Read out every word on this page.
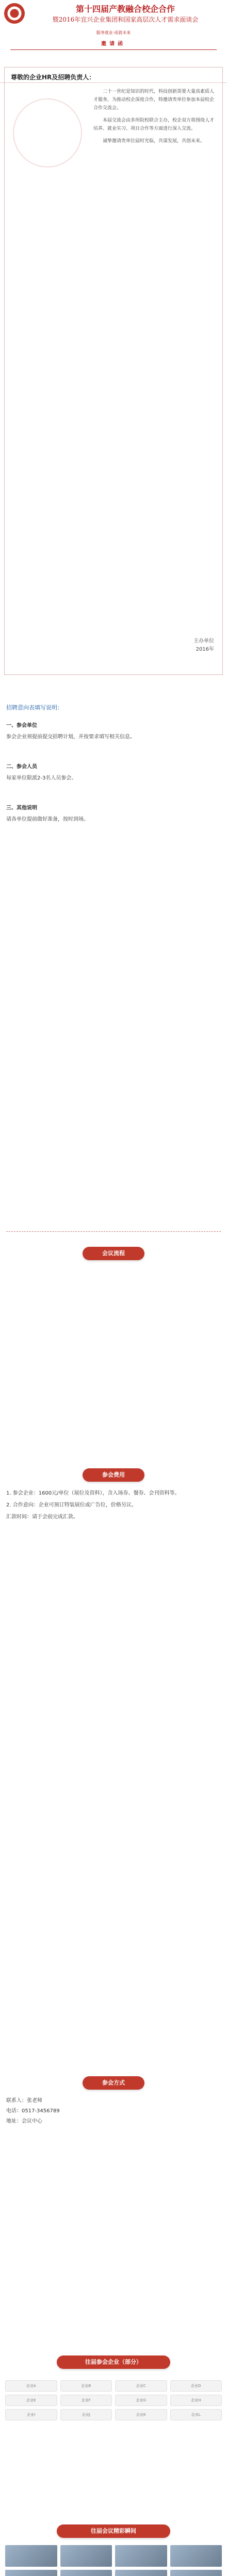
第十四届产教融合校企合作
暨2016年宜兴企业集团和国家高层次人才需求面谈会
服务就业·成就未来
邀请函
尊敬的企业HR及招聘负责人：

二十一世纪是知识的时代，科技创新需要大量高素质人才服务，为推动校企深度合作，特邀请贵单位参加本届校企合作交流会。

本届交流会由多所院校联合主办，校企双方将围绕人才培养、就业实习、项目合作等方面进行深入交流。

诚挚邀请贵单位届时光临，共谋发展，共创未来。

主办单位
2016年
招聘意向表填写说明：
一、参会单位

参会企业须提前提交招聘计划，并按要求填写相关信息。

二、参会人员

每家单位限派2-3名人员参会。

三、其他说明

请各单位提前做好准备，按时到场。

会议流程
参会费用

1. 参会企业：1600元/单位（展位及资料），含入场券、餐券、会刊资料等。

2. 合作意向：企业可预订特装展位或广告位，价格另议。

汇款时间：请于会前完成汇款。

参会方式

联系人：张老师

电话：0517-3456789

地址：会议中心

往届参会企业（部分）
企业A	企业B	企业C	企业D
企业E	企业F	企业G	企业H
企业I	企业J	企业K	企业L
往届会议精彩瞬间
